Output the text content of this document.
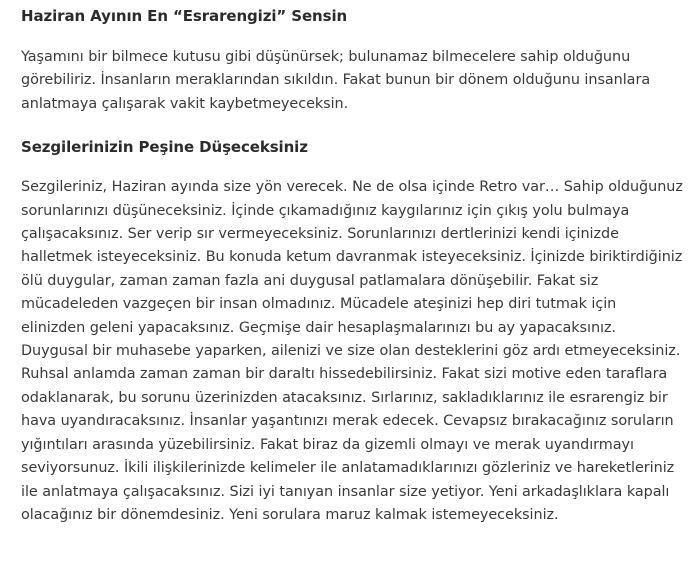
Haziran Ayının En “Esrarengizi” Sensin

Yaşamını bir bilmece kutusu gibi düşünürsek; bulunamaz bilmecelere sahip olduğunu görebiliriz. İnsanların meraklarından sıkıldın. Fakat bunun bir dönem olduğunu insanlara anlatmaya çalışarak vakit kaybetmeyeceksin.

Sezgilerinizin Peşine Düşeceksiniz

Sezgileriniz, Haziran ayında size yön verecek. Ne de olsa içinde Retro var… Sahip olduğunuz sorunlarınızı düşüneceksiniz. İçinde çıkamadığınız kaygılarınız için çıkış yolu bulmaya çalışacaksınız. Ser verip sır vermeyeceksiniz. Sorunlarınızı dertlerinizi kendi içinizde halletmek isteyeceksiniz. Bu konuda ketum davranmak isteyeceksiniz. İçinizde biriktirdiğiniz ölü duygular, zaman zaman fazla ani duygusal patlamalara dönüşebilir. Fakat siz mücadeleden vazgeçen bir insan olmadınız. Mücadele ateşinizi hep diri tutmak için elinizden geleni yapacaksınız. Geçmişe dair hesaplaşmalarınızı bu ay yapacaksınız. Duygusal bir muhasebe yaparken, ailenizi ve size olan desteklerini göz ardı etmeyeceksiniz. Ruhsal anlamda zaman zaman bir daraltı hissedebilirsiniz. Fakat sizi motive eden taraflara odaklanarak, bu sorunu üzerinizden atacaksınız. Sırlarınız, sakladıklarınız ile esrarengiz bir hava uyandıracaksınız. İnsanlar yaşantınızı merak edecek. Cevapsız bırakacağınız soruların yığıntıları arasında yüzebilirsiniz. Fakat biraz da gizemli olmayı ve merak uyandırmayı seviyorsunuz. İkili ilişkilerinizde kelimeler ile anlatamadıklarınızı gözleriniz ve hareketleriniz ile anlatmaya çalışacaksınız. Sizi iyi tanıyan insanlar size yetiyor. Yeni arkadaşlıklara kapalı olacağınız bir dönemdesiniz. Yeni sorulara maruz kalmak istemeyeceksiniz.
